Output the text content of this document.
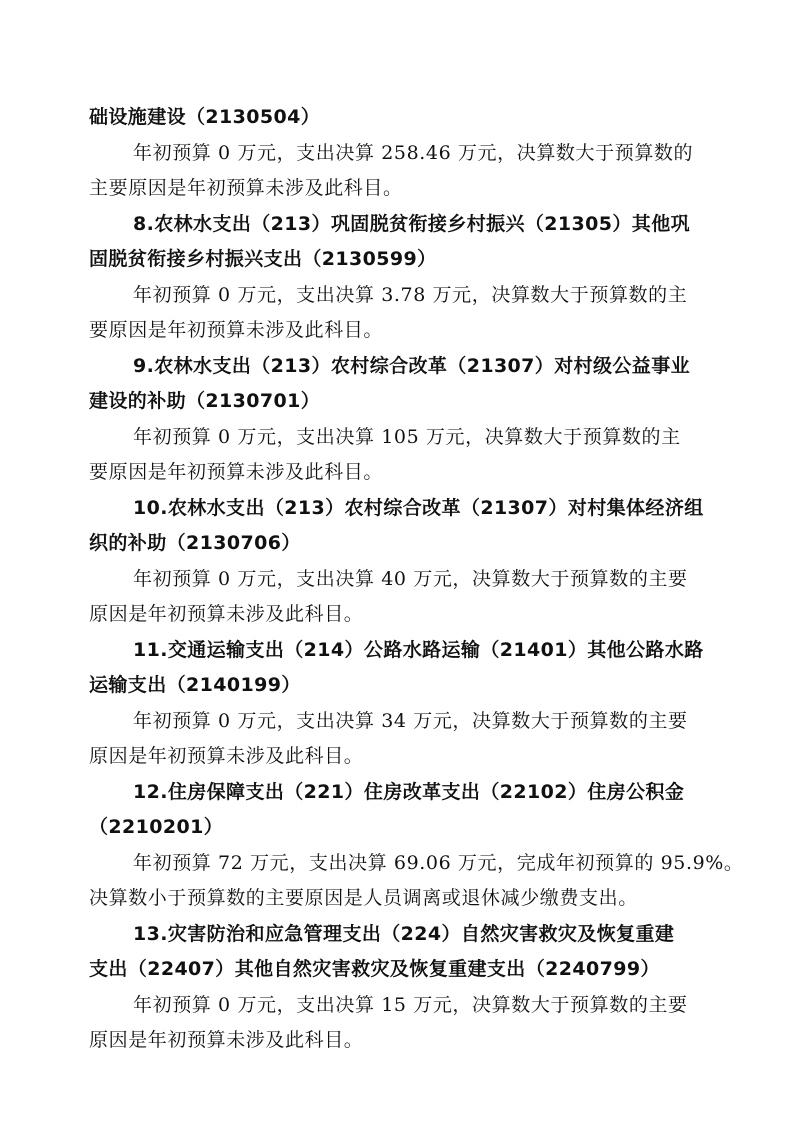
础设施建设（2130504）
年初预算 0 万元，支出决算 258.46 万元，决算数大于预算数的
主要原因是年初预算未涉及此科目。
8.农林水支出（213）巩固脱贫衔接乡村振兴（21305）其他巩
固脱贫衔接乡村振兴支出（2130599）
年初预算 0 万元，支出决算 3.78 万元，决算数大于预算数的主
要原因是年初预算未涉及此科目。
9.农林水支出（213）农村综合改革（21307）对村级公益事业
建设的补助（2130701）
年初预算 0 万元，支出决算 105 万元，决算数大于预算数的主
要原因是年初预算未涉及此科目。
10.农林水支出（213）农村综合改革（21307）对村集体经济组
织的补助（2130706）
年初预算 0 万元，支出决算 40 万元，决算数大于预算数的主要
原因是年初预算未涉及此科目。
11.交通运输支出（214）公路水路运输（21401）其他公路水路
运输支出（2140199）
年初预算 0 万元，支出决算 34 万元，决算数大于预算数的主要
原因是年初预算未涉及此科目。
12.住房保障支出（221）住房改革支出（22102）住房公积金
（2210201）
年初预算 72 万元，支出决算 69.06 万元，完成年初预算的 95.9%。
决算数小于预算数的主要原因是人员调离或退休减少缴费支出。
13.灾害防治和应急管理支出（224）自然灾害救灾及恢复重建
支出（22407）其他自然灾害救灾及恢复重建支出（2240799）
年初预算 0 万元，支出决算 15 万元，决算数大于预算数的主要
原因是年初预算未涉及此科目。
